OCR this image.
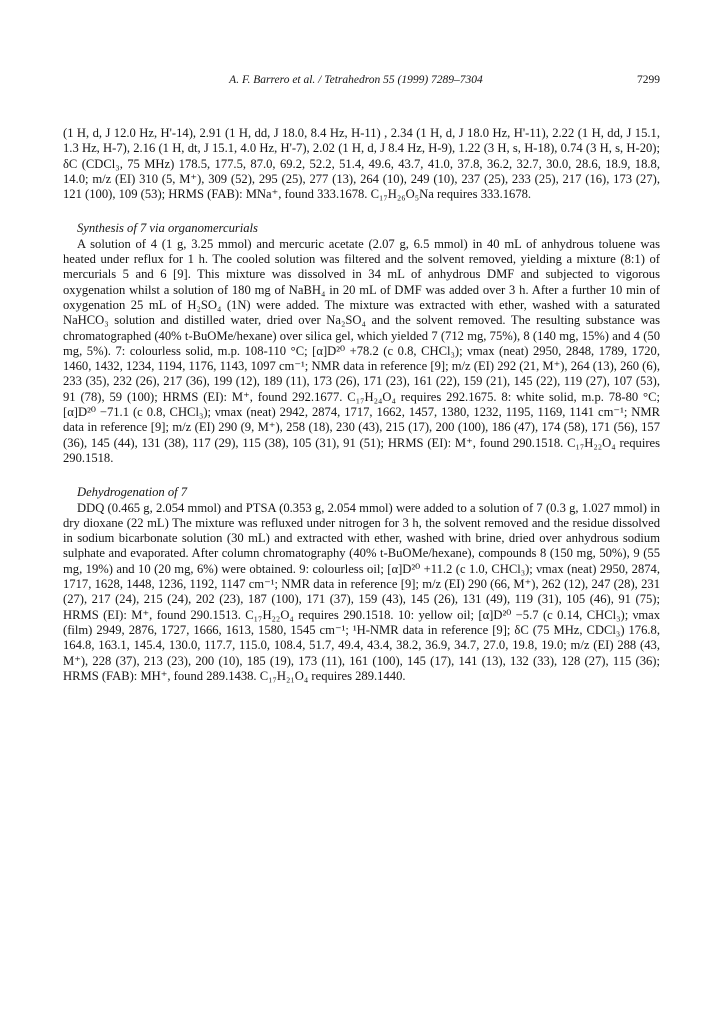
A. F. Barrero et al. / Tetrahedron 55 (1999) 7289–7304	7299

(1 H, d, J 12.0 Hz, H'-14), 2.91 (1 H, dd, J 18.0, 8.4 Hz, H-11) , 2.34 (1 H, d, J 18.0 Hz, H'-11), 2.22 (1 H, dd, J 15.1, 1.3 Hz, H-7), 2.16 (1 H, dt, J 15.1, 4.0 Hz, H'-7), 2.02 (1 H, d, J 8.4 Hz, H-9), 1.22 (3 H, s, H-18), 0.74 (3 H, s, H-20); δC (CDCl₃, 75 MHz) 178.5, 177.5, 87.0, 69.2, 52.2, 51.4, 49.6, 43.7, 41.0, 37.8, 36.2, 32.7, 30.0, 28.6, 18.9, 18.8, 14.0; m/z (EI) 310 (5, M⁺), 309 (52), 295 (25), 277 (13), 264 (10), 249 (10), 237 (25), 233 (25), 217 (16), 173 (27), 121 (100), 109 (53); HRMS (FAB): MNa⁺, found 333.1678. C₁₇H₂₆O₅Na requires 333.1678.

Synthesis of 7 via organomercurials

A solution of 4 (1 g, 3.25 mmol) and mercuric acetate (2.07 g, 6.5 mmol) in 40 mL of anhydrous toluene was heated under reflux for 1 h. The cooled solution was filtered and the solvent removed, yielding a mixture (8:1) of mercurials 5 and 6 [9]. This mixture was dissolved in 34 mL of anhydrous DMF and subjected to vigorous oxygenation whilst a solution of 180 mg of NaBH₄ in 20 mL of DMF was added over 3 h. After a further 10 min of oxygenation 25 mL of H₂SO₄ (1N) were added. The mixture was extracted with ether, washed with a saturated NaHCO₃ solution and distilled water, dried over Na₂SO₄ and the solvent removed. The resulting substance was chromatographed (40% t-BuOMe/hexane) over silica gel, which yielded 7 (712 mg, 75%), 8 (140 mg, 15%) and 4 (50 mg, 5%). 7: colourless solid, m.p. 108-110 °C; [α]D²⁰ +78.2 (c 0.8, CHCl₃); νmax (neat) 2950, 2848, 1789, 1720, 1460, 1432, 1234, 1194, 1176, 1143, 1097 cm⁻¹; NMR data in reference [9]; m/z (EI) 292 (21, M⁺), 264 (13), 260 (6), 233 (35), 232 (26), 217 (36), 199 (12), 189 (11), 173 (26), 171 (23), 161 (22), 159 (21), 145 (22), 119 (27), 107 (53), 91 (78), 59 (100); HRMS (EI): M⁺, found 292.1677. C₁₇H₂₄O₄ requires 292.1675. 8: white solid, m.p. 78-80 °C; [α]D²⁰ −71.1 (c 0.8, CHCl₃); νmax (neat) 2942, 2874, 1717, 1662, 1457, 1380, 1232, 1195, 1169, 1141 cm⁻¹; NMR data in reference [9]; m/z (EI) 290 (9, M⁺), 258 (18), 230 (43), 215 (17), 200 (100), 186 (47), 174 (58), 171 (56), 157 (36), 145 (44), 131 (38), 117 (29), 115 (38), 105 (31), 91 (51); HRMS (EI): M⁺, found 290.1518. C₁₇H₂₂O₄ requires 290.1518.

Dehydrogenation of 7

DDQ (0.465 g, 2.054 mmol) and PTSA (0.353 g, 2.054 mmol) were added to a solution of 7 (0.3 g, 1.027 mmol) in dry dioxane (22 mL) The mixture was refluxed under nitrogen for 3 h, the solvent removed and the residue dissolved in sodium bicarbonate solution (30 mL) and extracted with ether, washed with brine, dried over anhydrous sodium sulphate and evaporated. After column chromatography (40% t-BuOMe/hexane), compounds 8 (150 mg, 50%), 9 (55 mg, 19%) and 10 (20 mg, 6%) were obtained. 9: colourless oil; [α]D²⁰ +11.2 (c 1.0, CHCl₃); νmax (neat) 2950, 2874, 1717, 1628, 1448, 1236, 1192, 1147 cm⁻¹; NMR data in reference [9]; m/z (EI) 290 (66, M⁺), 262 (12), 247 (28), 231 (27), 217 (24), 215 (24), 202 (23), 187 (100), 171 (37), 159 (43), 145 (26), 131 (49), 119 (31), 105 (46), 91 (75); HRMS (EI): M⁺, found 290.1513. C₁₇H₂₂O₄ requires 290.1518. 10: yellow oil; [α]D²⁰ −5.7 (c 0.14, CHCl₃); νmax (film) 2949, 2876, 1727, 1666, 1613, 1580, 1545 cm⁻¹; ¹H-NMR data in reference [9]; δC (75 MHz, CDCl₃) 176.8, 164.8, 163.1, 145.4, 130.0, 117.7, 115.0, 108.4, 51.7, 49.4, 43.4, 38.2, 36.9, 34.7, 27.0, 19.8, 19.0; m/z (EI) 288 (43, M⁺), 228 (37), 213 (23), 200 (10), 185 (19), 173 (11), 161 (100), 145 (17), 141 (13), 132 (33), 128 (27), 115 (36); HRMS (FAB): MH⁺, found 289.1438. C₁₇H₂₁O₄ requires 289.1440.
